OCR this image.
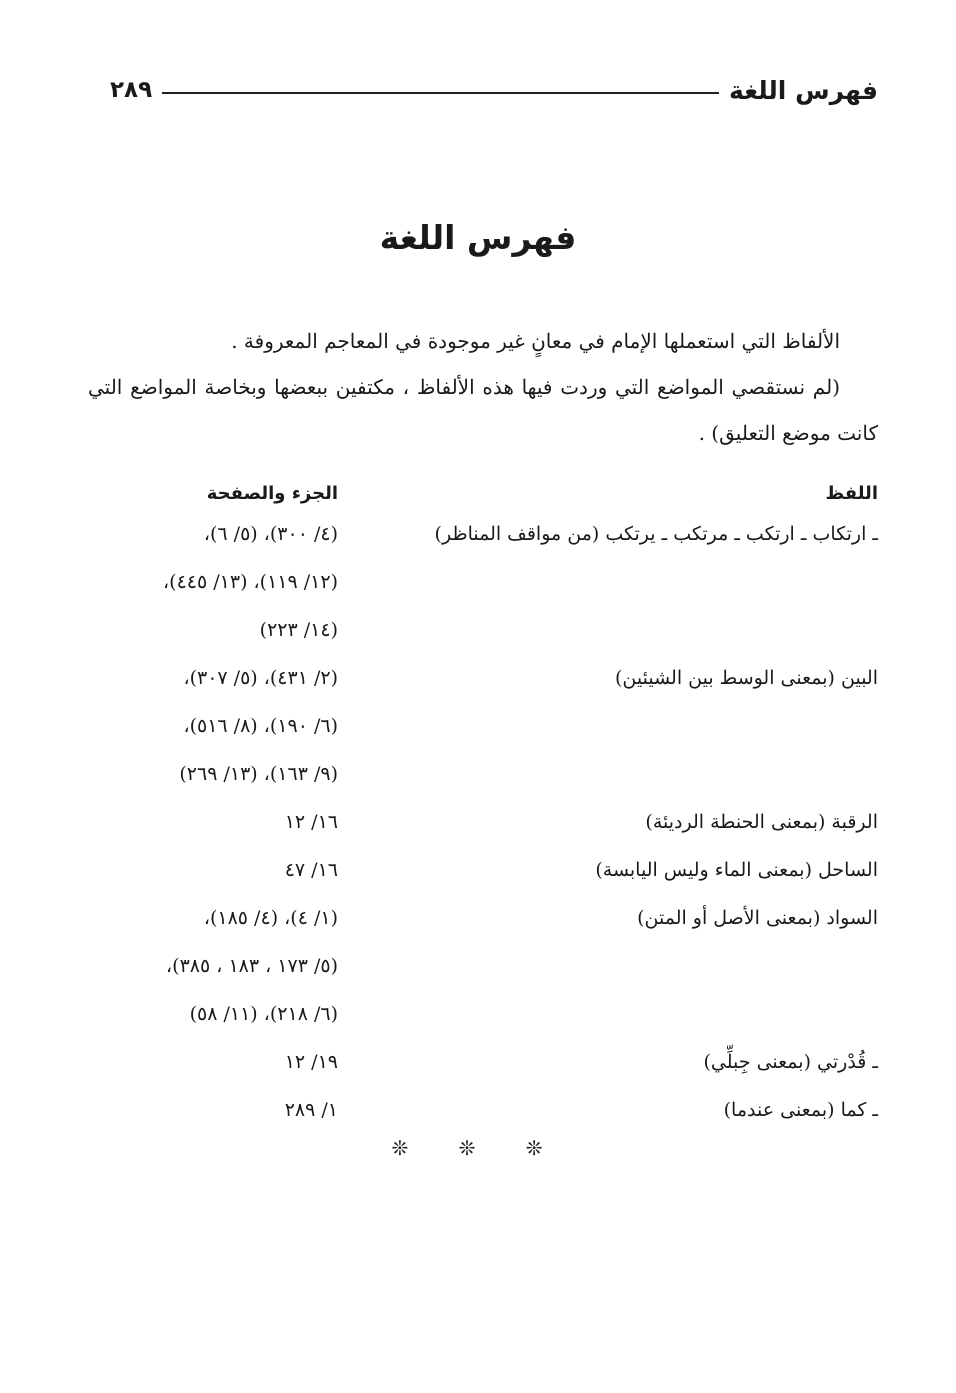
فهرس اللغة
٢٨٩
فهرس اللغة

الألفاظ التي استعملها الإمام في معانٍ غير موجودة في المعاجم المعروفة .

(لم نستقصي المواضع التي وردت فيها هذه الألفاظ ، مكتفين ببعضها وبخاصة المواضع التي كانت موضع التعليق) .

اللفظ
الجزء والصفحة
ـ ارتكاب ـ ارتكب ـ مرتكب ـ يرتكب (من مواقف المناظر)
(٤/ ٣٠٠)، (٥/ ٦)،
(١٢/ ١١٩)، (١٣/ ٤٤٥)،
(١٤/ ٢٢٣)
البين (بمعنى الوسط بين الشيئين)
(٢/ ٤٣١)، (٥/ ٣٠٧)،
(٦/ ١٩٠)، (٨/ ٥١٦)،
(٩/ ١٦٣)، (١٣/ ٢٦٩)
الرقبة (بمعنى الحنطة الرديئة)
١٦/ ١٢
الساحل (بمعنى الماء وليس اليابسة)
١٦/ ٤٧
السواد (بمعنى الأصل أو المتن)
(١/ ٤)، (٤/ ١٨٥)،
(٥/ ١٧٣ ، ١٨٣ ، ٣٨٥)،
(٦/ ٢١٨)، (١١/ ٥٨)
ـ قُدْرتي (بمعنى جِبلِّي)
١٩/ ١٢
ـ كما (بمعنى عندما)
١/ ٢٨٩
❊ ❊ ❊
